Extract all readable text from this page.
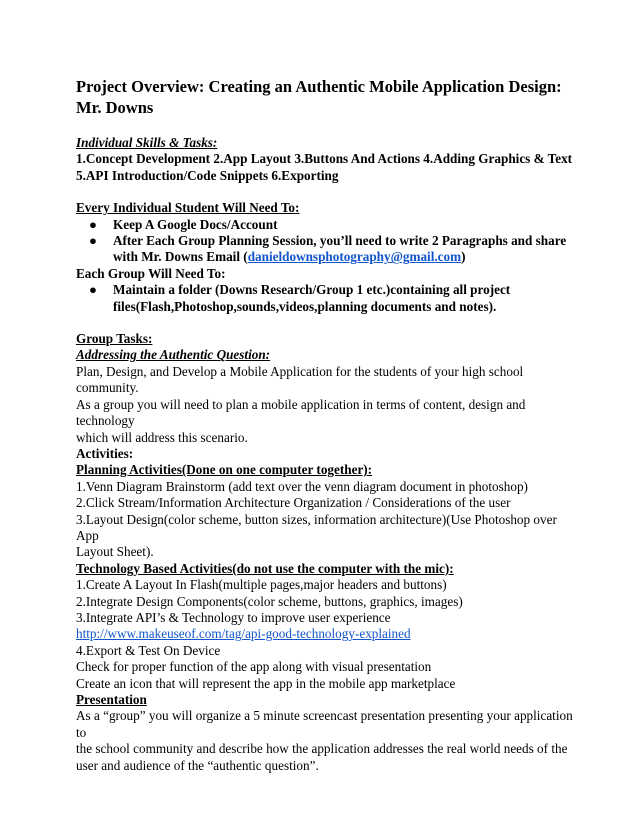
Project Overview: Creating an Authentic Mobile Application Design:
Mr. Downs
Individual Skills & Tasks:
1.Concept Development 2.App Layout 3.Buttons And Actions 4.Adding Graphics & Text
5.API Introduction/Code Snippets 6.Exporting
Every Individual Student Will Need To:
● Keep A Google Docs/Account
● After Each Group Planning Session, you’ll need to write 2 Paragraphs and share
with Mr. Downs Email (danieldownsphotography@gmail.com)
Each Group Will Need To:
● Maintain a folder (Downs Research/Group 1 etc.)containing all project
files(Flash,Photoshop,sounds,videos,planning documents and notes).
Group Tasks:
Addressing the Authentic Question:
Plan, Design, and Develop a Mobile Application for the students of your high school
community.
As a group you will need to plan a mobile application in terms of content, design and technology
which will address this scenario.
Activities:
Planning Activities(Done on one computer together):
1.Venn Diagram Brainstorm (add text over the venn diagram document in photoshop)
2.Click Stream/Information Architecture Organization / Considerations of the user
3.Layout Design(color scheme, button sizes, information architecture)(Use Photoshop over App
Layout Sheet).
Technology Based Activities(do not use the computer with the mic):
1.Create A Layout In Flash(multiple pages,major headers and buttons)
2.Integrate Design Components(color scheme, buttons, graphics, images)
3.Integrate API’s & Technology to improve user experience
http://www.makeuseof.com/tag/api-good-technology-explained
4.Export & Test On Device
Check for proper function of the app along with visual presentation
Create an icon that will represent the app in the mobile app marketplace
Presentation
As a “group” you will organize a 5 minute screencast presentation presenting your application to
the school community and describe how the application addresses the real world needs of the
user and audience of the “authentic question”.
